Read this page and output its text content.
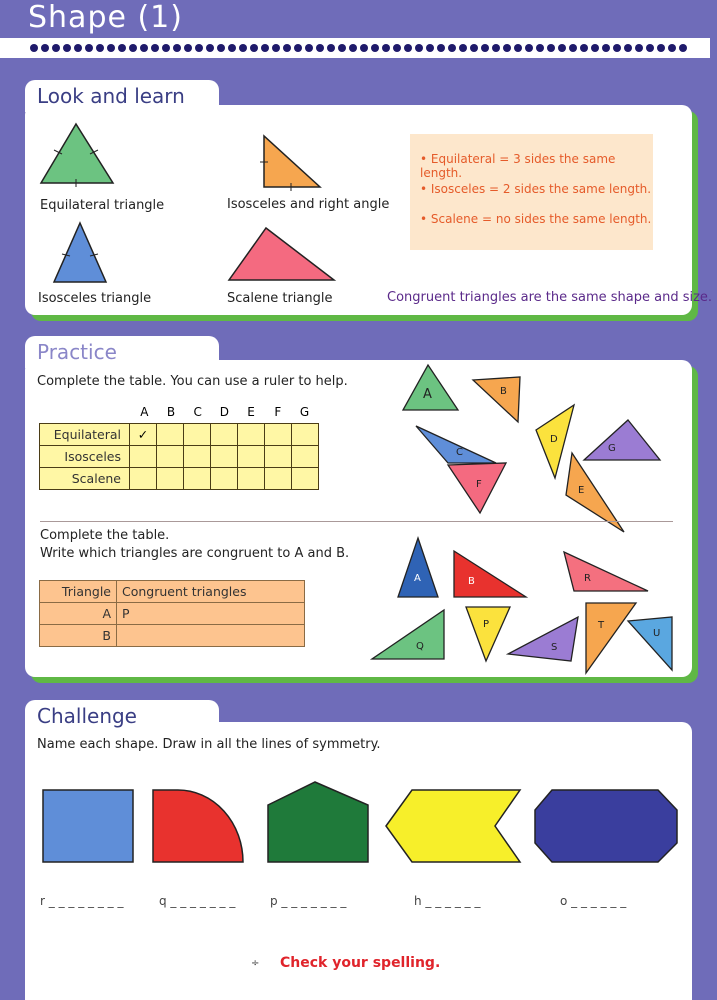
Shape (1)
Look and learn
Equilateral triangle	Isosceles and right angle
Isosceles triangle	Scalene triangle
• Equilateral = 3 sides the same length.
• Isosceles = 2 sides the same length.
• Scalene = no sides the same length.
Congruent triangles are the same shape and size.
Practice
Complete the table. You can use a ruler to help.
A	B	C	D	E	F	G
Equilateral	✓						
Isosceles							
Scalene							
A	B
C
D
F
E
G
Complete the table.
Write which triangles are congruent to A and B.
Triangle	Congruent triangles
A	P
B	
A	B	R
Q
P
S
T
U
Challenge
Name each shape. Draw in all the lines of symmetry.
r _ _ _ _ _ _ _ _	q _ _ _ _ _ _ _	p _ _ _ _ _ _ _	h _ _ _ _ _ _	o _ _ _ _ _ _
÷ Check your spelling.
